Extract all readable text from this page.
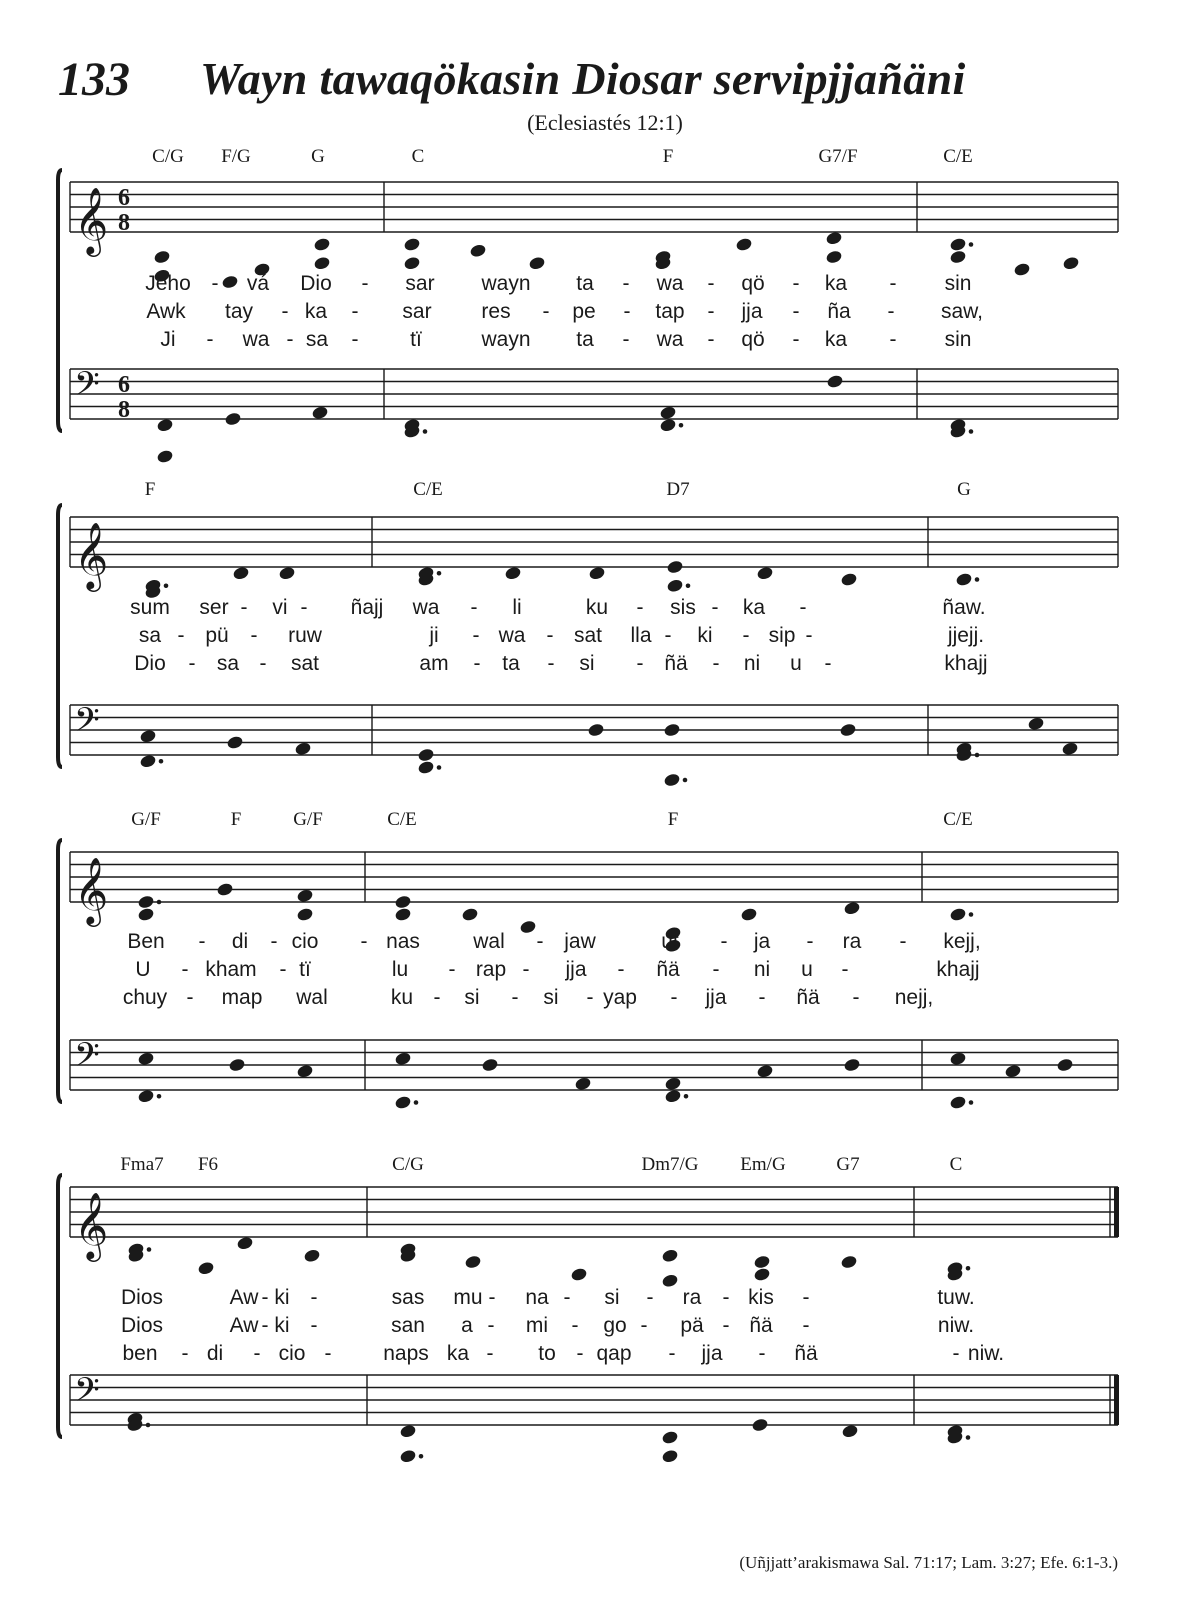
133 Wayn tawaqökasin Diosar servipjjañäni
(Eclesiastés 12:1)
(Uñjjatt’arakismawa Sal. 71:17; Lam. 3:27; Efe. 6:1-3.)
𝄞 6
8
𝄢 6
8
C/G F/G	G	C	F	G7/F	C/E
Jeho - vá Dio - sar wayn ta - wa - qö - ka - sin
Awk tay - ka - sar res - pe - tap - jja - ña - saw,
Ji - wa - sa - tï	wayn ta - wa - qö - ka - sin
𝄞
𝄢
F	C/E	D7	G
sum ser - vi - ñajj wa - li	ku - sis - ka -	ñaw.
sa - pü - ruw	ji - wa - sat lla - ki - sip -	jjejj.
Dio - sa - sat	am - ta - si - ñä - ni u -	khajj
𝄞
𝄢
G/F	F	G/F	C/E	F	C/E
Ben - di - cio - nas	wal - jaw	ut - ja - ra - kejj,
U - kham - tï	lu - rap - jja - ñä - ni u -	khajj
chuy - map wal	ku - si - si - yap - jja - ñä - nejj,
𝄞
𝄢
Fma7 F6	C/G	Dm7/G Em/G	G7	C
Dios	Aw - ki -	sas mu - na - si - ra - kis -	tuw.
Dios	Aw - ki -	san a - mi - go - pä - ñä -	niw.
ben - di - cio - naps ka - to - qap - jja - ñä	- niw.
